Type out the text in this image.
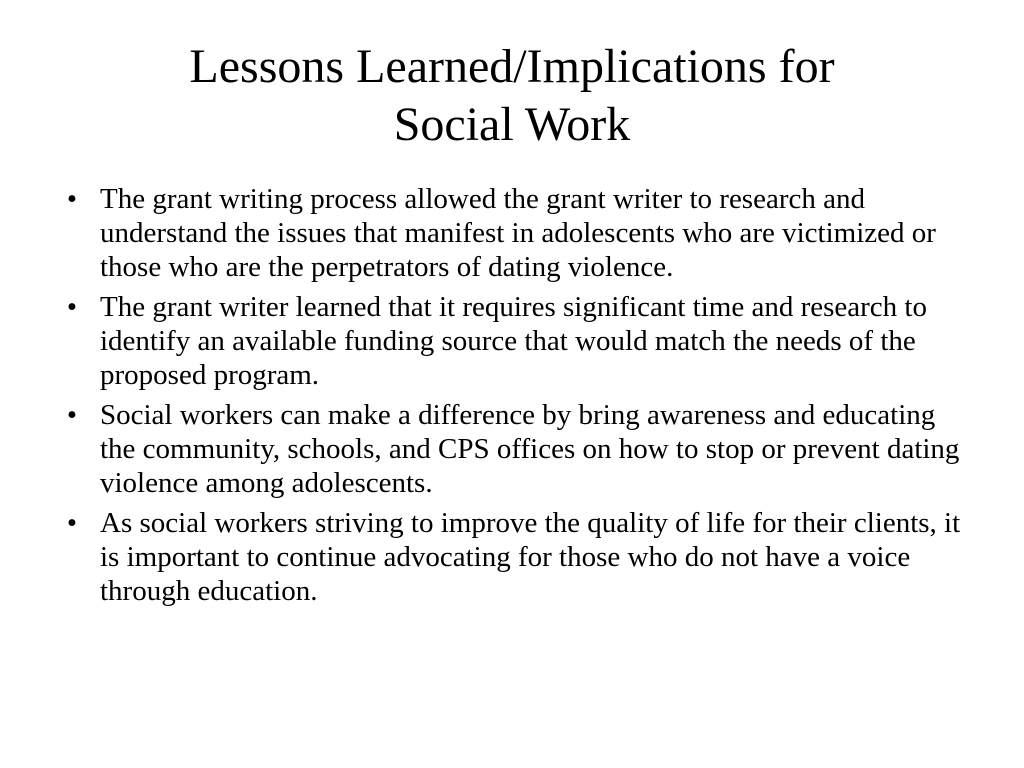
Lessons Learned/Implications for
Social Work
• The grant writing process allowed the grant writer to research and understand the issues that manifest in adolescents who are victimized or those who are the perpetrators of dating violence.
• The grant writer learned that it requires significant time and research to identify an available funding source that would match the needs of the proposed program.
• Social workers can make a difference by bring awareness and educating the community, schools, and CPS offices on how to stop or prevent dating violence among adolescents.
• As social workers striving to improve the quality of life for their clients, it is important to continue advocating for those who do not have a voice through education.
